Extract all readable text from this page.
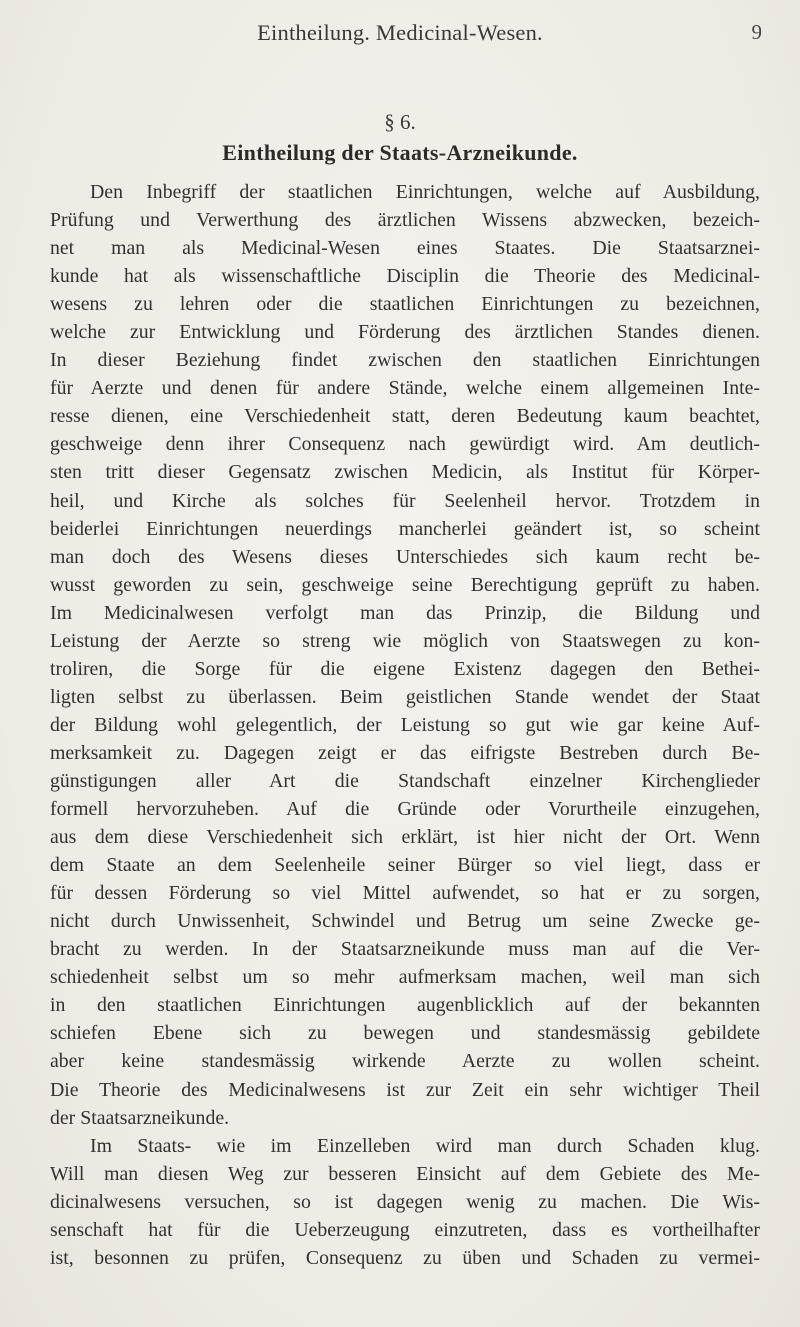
Eintheilung. Medicinal-Wesen.	9
§ 6.
Eintheilung der Staats-Arzneikunde.
Den Inbegriff der staatlichen Einrichtungen, welche auf Ausbildung,
Prüfung und Verwerthung des ärztlichen Wissens abzwecken, bezeich-
net man als Medicinal-Wesen eines Staates. Die Staatsarznei-
kunde hat als wissenschaftliche Disciplin die Theorie des Medicinal-
wesens zu lehren oder die staatlichen Einrichtungen zu bezeichnen,
welche zur Entwicklung und Förderung des ärztlichen Standes dienen.
In dieser Beziehung findet zwischen den staatlichen Einrichtungen
für Aerzte und denen für andere Stände, welche einem allgemeinen Inte-
resse dienen, eine Verschiedenheit statt, deren Bedeutung kaum beachtet,
geschweige denn ihrer Consequenz nach gewürdigt wird. Am deutlich-
sten tritt dieser Gegensatz zwischen Medicin, als Institut für Körper-
heil, und Kirche als solches für Seelenheil hervor. Trotzdem in
beiderlei Einrichtungen neuerdings mancherlei geändert ist, so scheint
man doch des Wesens dieses Unterschiedes sich kaum recht be-
wusst geworden zu sein, geschweige seine Berechtigung geprüft zu haben.
Im Medicinalwesen verfolgt man das Prinzip, die Bildung und
Leistung der Aerzte so streng wie möglich von Staatswegen zu kon-
troliren, die Sorge für die eigene Existenz dagegen den Bethei-
ligten selbst zu überlassen. Beim geistlichen Stande wendet der Staat
der Bildung wohl gelegentlich, der Leistung so gut wie gar keine Auf-
merksamkeit zu. Dagegen zeigt er das eifrigste Bestreben durch Be-
günstigungen aller Art die Standschaft einzelner Kirchenglieder
formell hervorzuheben. Auf die Gründe oder Vorurtheile einzugehen,
aus dem diese Verschiedenheit sich erklärt, ist hier nicht der Ort. Wenn
dem Staate an dem Seelenheile seiner Bürger so viel liegt, dass er
für dessen Förderung so viel Mittel aufwendet, so hat er zu sorgen,
nicht durch Unwissenheit, Schwindel und Betrug um seine Zwecke ge-
bracht zu werden. In der Staatsarzneikunde muss man auf die Ver-
schiedenheit selbst um so mehr aufmerksam machen, weil man sich
in den staatlichen Einrichtungen augenblicklich auf der bekannten
schiefen Ebene sich zu bewegen und standesmässig gebildete
aber keine standesmässig wirkende Aerzte zu wollen scheint.
Die Theorie des Medicinalwesens ist zur Zeit ein sehr wichtiger Theil
der Staatsarzneikunde.
Im Staats- wie im Einzelleben wird man durch Schaden klug.
Will man diesen Weg zur besseren Einsicht auf dem Gebiete des Me-
dicinalwesens versuchen, so ist dagegen wenig zu machen. Die Wis-
senschaft hat für die Ueberzeugung einzutreten, dass es vortheilhafter
ist, besonnen zu prüfen, Consequenz zu üben und Schaden zu vermei-
